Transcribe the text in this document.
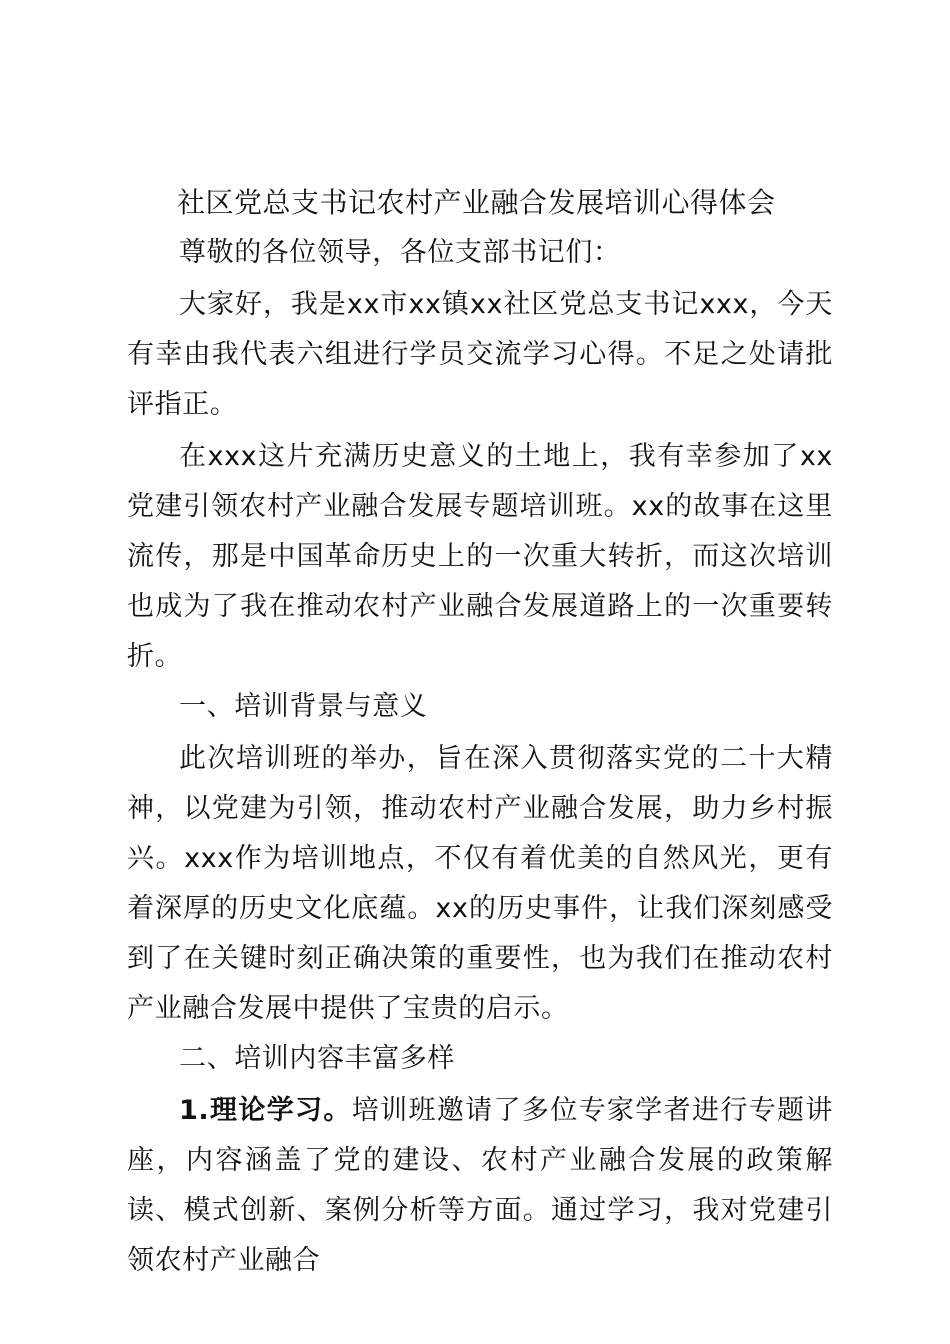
社区党总支书记农村产业融合发展培训心得体会

尊敬的各位领导，各位支部书记们：

大家好，我是xx市xx镇xx社区党总支书记xxx，今天有幸由我代表六组进行学员交流学习心得。不足之处请批评指正。

在xxx这片充满历史意义的土地上，我有幸参加了xx党建引领农村产业融合发展专题培训班。xx的故事在这里流传，那是中国革命历史上的一次重大转折，而这次培训也成为了我在推动农村产业融合发展道路上的一次重要转折。

一、培训背景与意义

此次培训班的举办，旨在深入贯彻落实党的二十大精神，以党建为引领，推动农村产业融合发展，助力乡村振兴。xxx作为培训地点，不仅有着优美的自然风光，更有着深厚的历史文化底蕴。xx的历史事件，让我们深刻感受到了在关键时刻正确决策的重要性，也为我们在推动农村产业融合发展中提供了宝贵的启示。

二、培训内容丰富多样

1.理论学习。培训班邀请了多位专家学者进行专题讲座，内容涵盖了党的建设、农村产业融合发展的政策解读、模式创新、案例分析等方面。通过学习，我对党建引领农村产业融合
